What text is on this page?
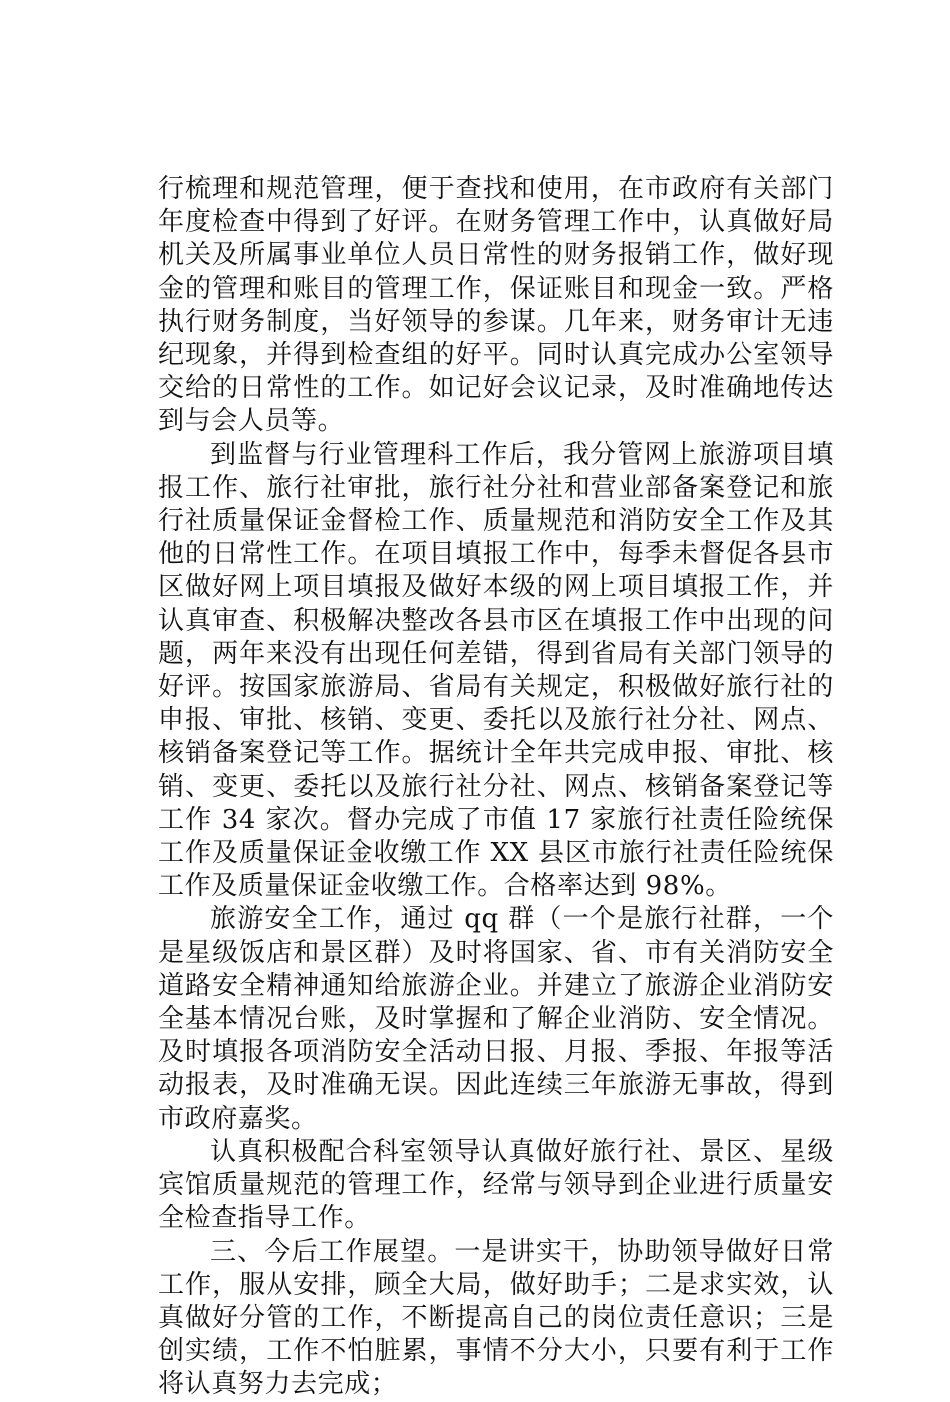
行梳理和规范管理，便于查找和使用，在市政府有关部门年度检查中得到了好评。在财务管理工作中，认真做好局机关及所属事业单位人员日常性的财务报销工作，做好现金的管理和账目的管理工作，保证账目和现金一致。严格执行财务制度，当好领导的参谋。几年来，财务审计无违纪现象，并得到检查组的好平。同时认真完成办公室领导交给的日常性的工作。如记好会议记录，及时准确地传达到与会人员等。

到监督与行业管理科工作后，我分管网上旅游项目填报工作、旅行社审批，旅行社分社和营业部备案登记和旅行社质量保证金督检工作、质量规范和消防安全工作及其他的日常性工作。在项目填报工作中，每季未督促各县市区做好网上项目填报及做好本级的网上项目填报工作，并认真审查、积极解决整改各县市区在填报工作中出现的问题，两年来没有出现任何差错，得到省局有关部门领导的好评。按国家旅游局、省局有关规定，积极做好旅行社的申报、审批、核销、变更、委托以及旅行社分社、网点、核销备案登记等工作。据统计全年共完成申报、审批、核销、变更、委托以及旅行社分社、网点、核销备案登记等工作 34 家次。督办完成了市值 17 家旅行社责任险统保工作及质量保证金收缴工作 XX 县区市旅行社责任险统保工作及质量保证金收缴工作。合格率达到 98%。

旅游安全工作，通过 qq 群（一个是旅行社群，一个是星级饭店和景区群）及时将国家、省、市有关消防安全道路安全精神通知给旅游企业。并建立了旅游企业消防安全基本情况台账，及时掌握和了解企业消防、安全情况。及时填报各项消防安全活动日报、月报、季报、年报等活动报表，及时准确无误。因此连续三年旅游无事故，得到市政府嘉奖。

认真积极配合科室领导认真做好旅行社、景区、星级宾馆质量规范的管理工作，经常与领导到企业进行质量安全检查指导工作。

三、今后工作展望。一是讲实干，协助领导做好日常工作，服从安排，顾全大局，做好助手；二是求实效，认真做好分管的工作，不断提高自己的岗位责任意识；三是创实绩，工作不怕脏累，事情不分大小，只要有利于工作将认真努力去完成；
